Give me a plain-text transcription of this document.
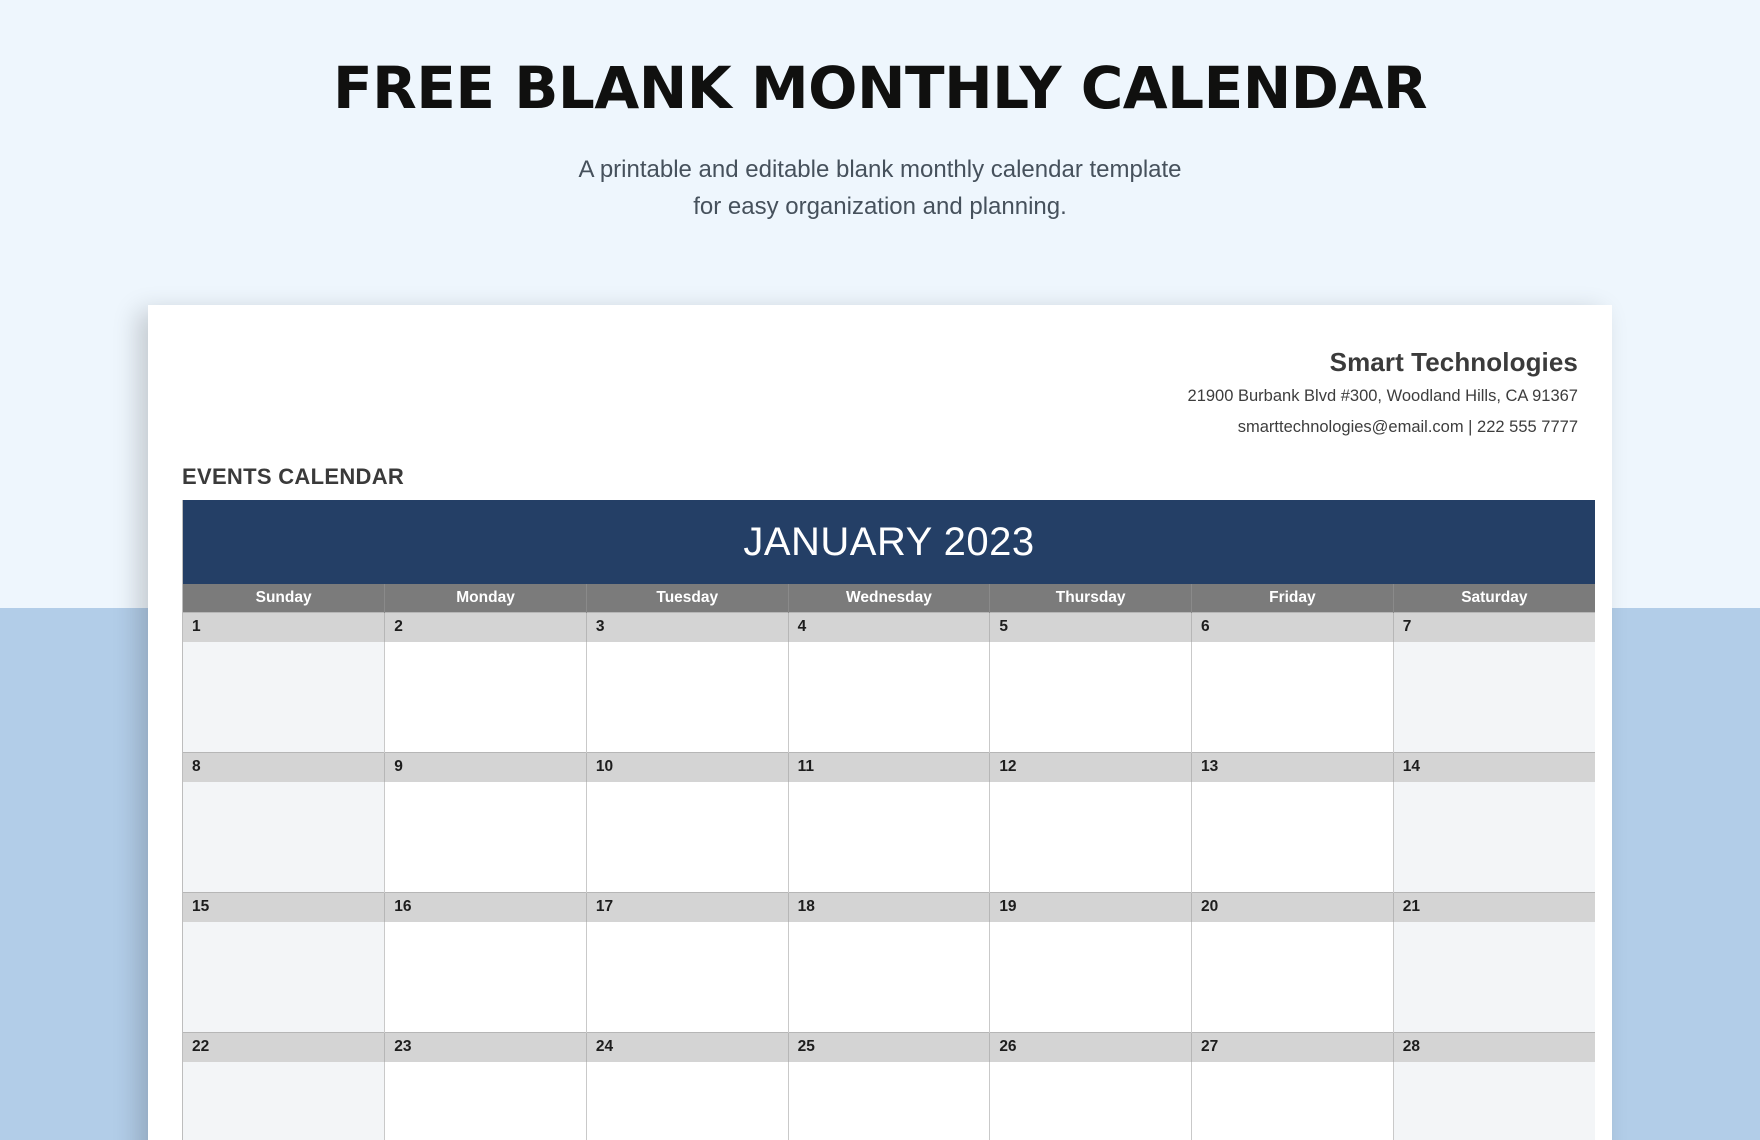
FREE BLANK MONTHLY CALENDAR
A printable and editable blank monthly calendar template
for easy organization and planning.
Smart Technologies
21900 Burbank Blvd #300, Woodland Hills, CA 91367
smarttechnologies@email.com | 222 555 7777
EVENTS CALENDAR
JANUARY 2023						
Sunday	Monday	Tuesday	Wednesday	Thursday	Friday	Saturday
1	2	3	4	5	6	7

8	9	10	11	12	13	14

15	16	17	18	19	20	21

22	23	24	25	26	27	28
